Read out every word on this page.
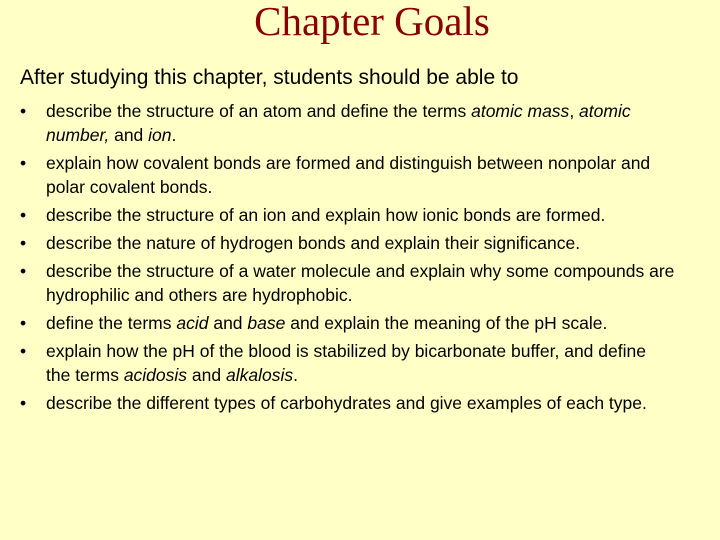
Chapter Goals
After studying this chapter, students should be able to
• describe the structure of an atom and define the terms atomic mass, atomic number, and ion.
• explain how covalent bonds are formed and distinguish between nonpolar and polar covalent bonds.
• describe the structure of an ion and explain how ionic bonds are formed.
• describe the nature of hydrogen bonds and explain their significance.
• describe the structure of a water molecule and explain why some compounds are hydrophilic and others are hydrophobic.
• define the terms acid and base and explain the meaning of the pH scale.
• explain how the pH of the blood is stabilized by bicarbonate buffer, and define the terms acidosis and alkalosis.
• describe the different types of carbohydrates and give examples of each type.
